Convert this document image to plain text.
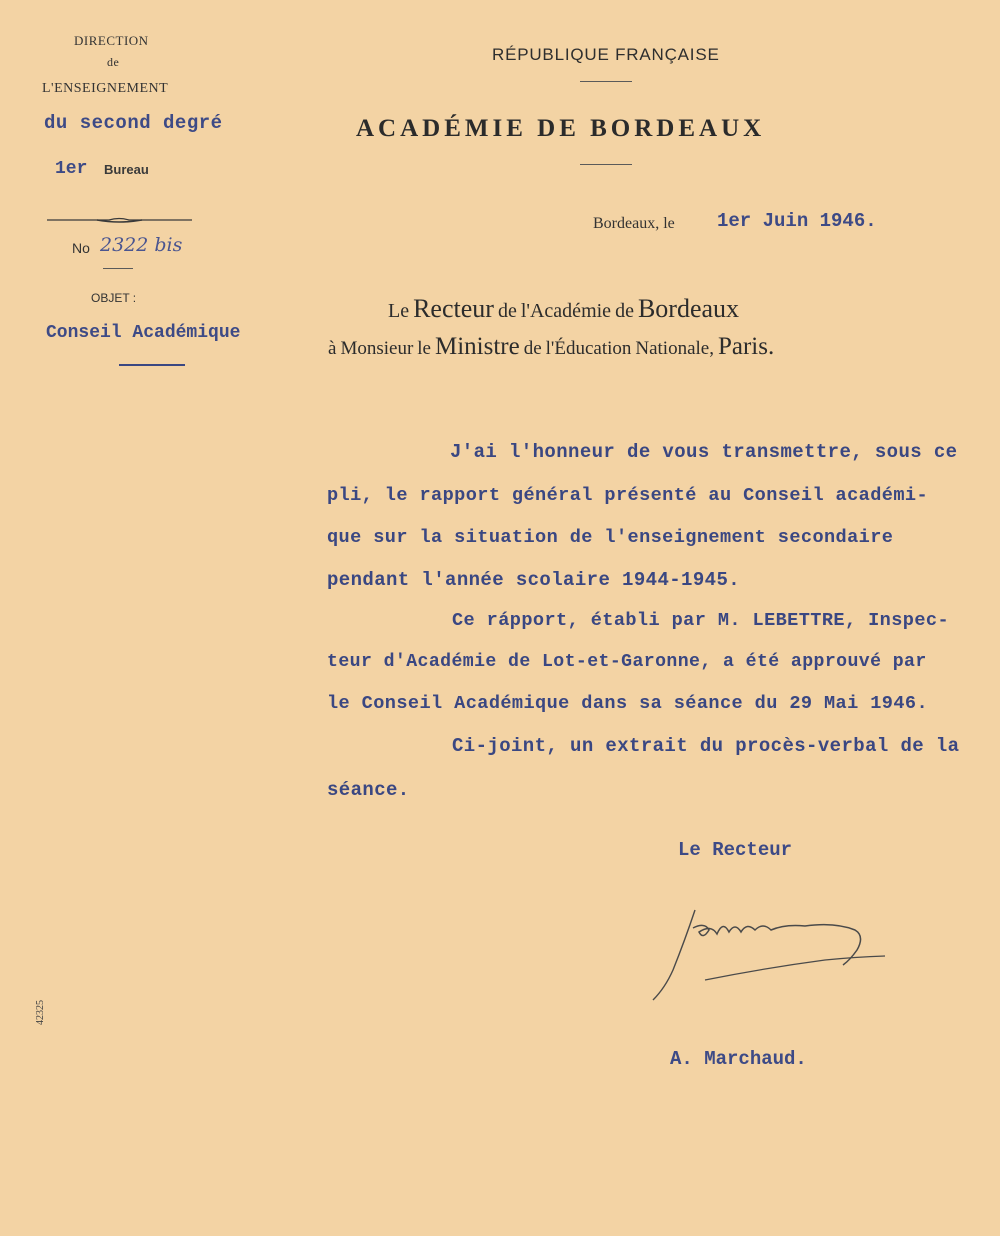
DIRECTION
de
L'ENSEIGNEMENT
du second degré
1er Bureau
No 2322 bis
OBJET :
Conseil Académique
RÉPUBLIQUE FRANÇAISE
ACADÉMIE DE BORDEAUX
Bordeaux, le 1er Juin 1946.
Le Recteur de l'Académie de Bordeaux
à Monsieur le Ministre de l'Éducation Nationale, Paris.
J'ai l'honneur de vous transmettre, sous ce
pli, le rapport général présenté au Conseil académi-
que sur la situation de l'enseignement secondaire
pendant l'année scolaire 1944-1945.
Ce rápport, établi par M. LEBETTRE, Inspec-
teur d'Académie de Lot-et-Garonne, a été approuvé par
le Conseil Académique dans sa séance du 29 Mai 1946.
Ci-joint, un extrait du procès-verbal de la
séance.
Le Recteur
A. Marchaud.
42325
